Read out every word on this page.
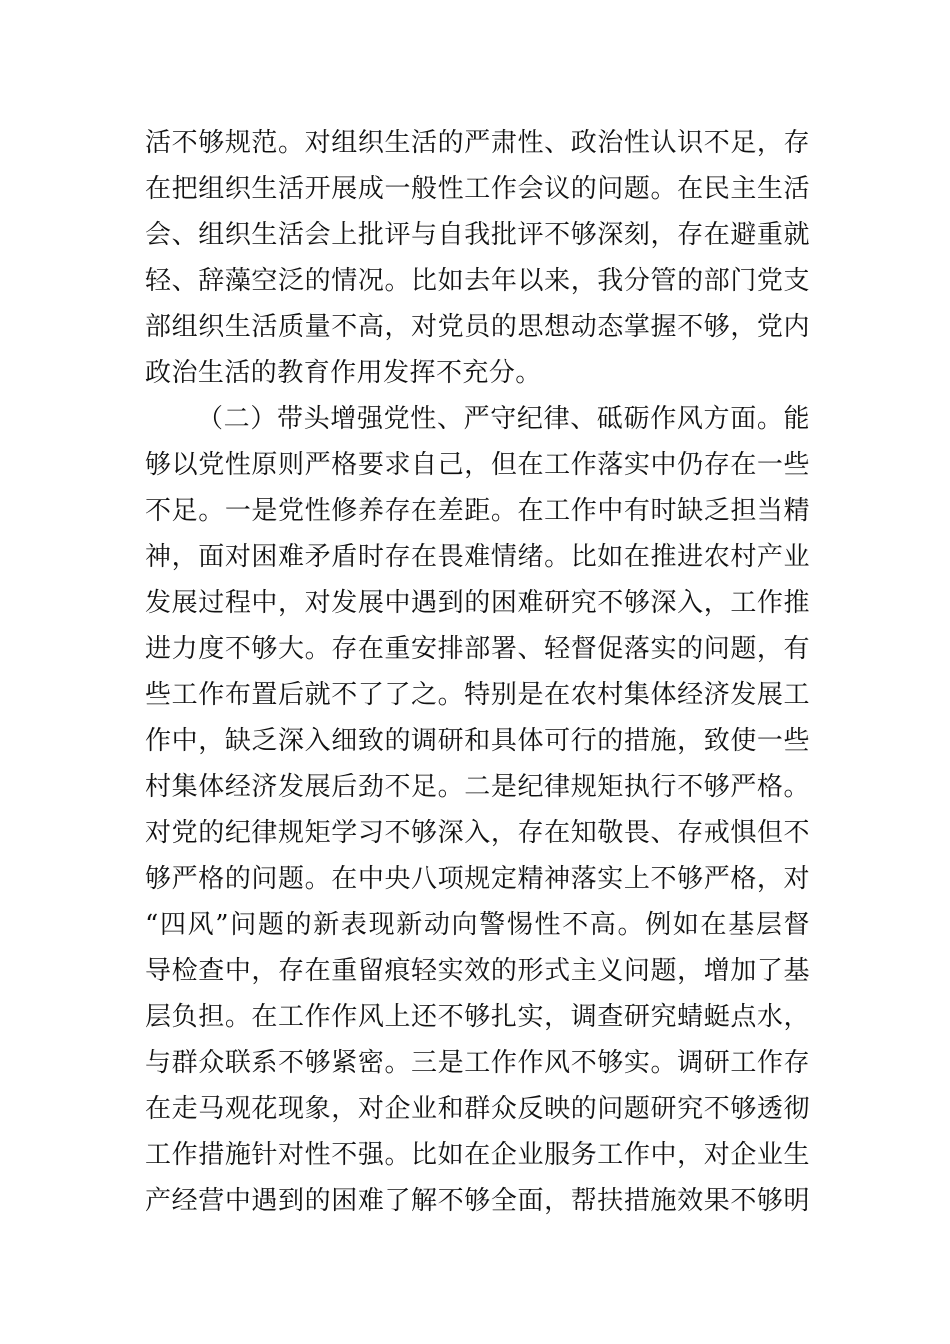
活不够规范。对组织生活的严肃性、政治性认识不足，存
在把组织生活开展成一般性工作会议的问题。在民主生活
会、组织生活会上批评与自我批评不够深刻，存在避重就
轻、辞藻空泛的情况。比如去年以来，我分管的部门党支
部组织生活质量不高，对党员的思想动态掌握不够，党内
政治生活的教育作用发挥不充分。
（二）带头增强党性、严守纪律、砥砺作风方面。能
够以党性原则严格要求自己，但在工作落实中仍存在一些
不足。一是党性修养存在差距。在工作中有时缺乏担当精
神，面对困难矛盾时存在畏难情绪。比如在推进农村产业
发展过程中，对发展中遇到的困难研究不够深入，工作推
进力度不够大。存在重安排部署、轻督促落实的问题，有
些工作布置后就不了了之。特别是在农村集体经济发展工
作中，缺乏深入细致的调研和具体可行的措施，致使一些
村集体经济发展后劲不足。二是纪律规矩执行不够严格。
对党的纪律规矩学习不够深入，存在知敬畏、存戒惧但不
够严格的问题。在中央八项规定精神落实上不够严格，对
“四风”问题的新表现新动向警惕性不高。例如在基层督
导检查中，存在重留痕轻实效的形式主义问题，增加了基
层负担。在工作作风上还不够扎实，调查研究蜻蜓点水，
与群众联系不够紧密。三是工作作风不够实。调研工作存
在走马观花现象，对企业和群众反映的问题研究不够透彻
工作措施针对性不强。比如在企业服务工作中，对企业生
产经营中遇到的困难了解不够全面，帮扶措施效果不够明
